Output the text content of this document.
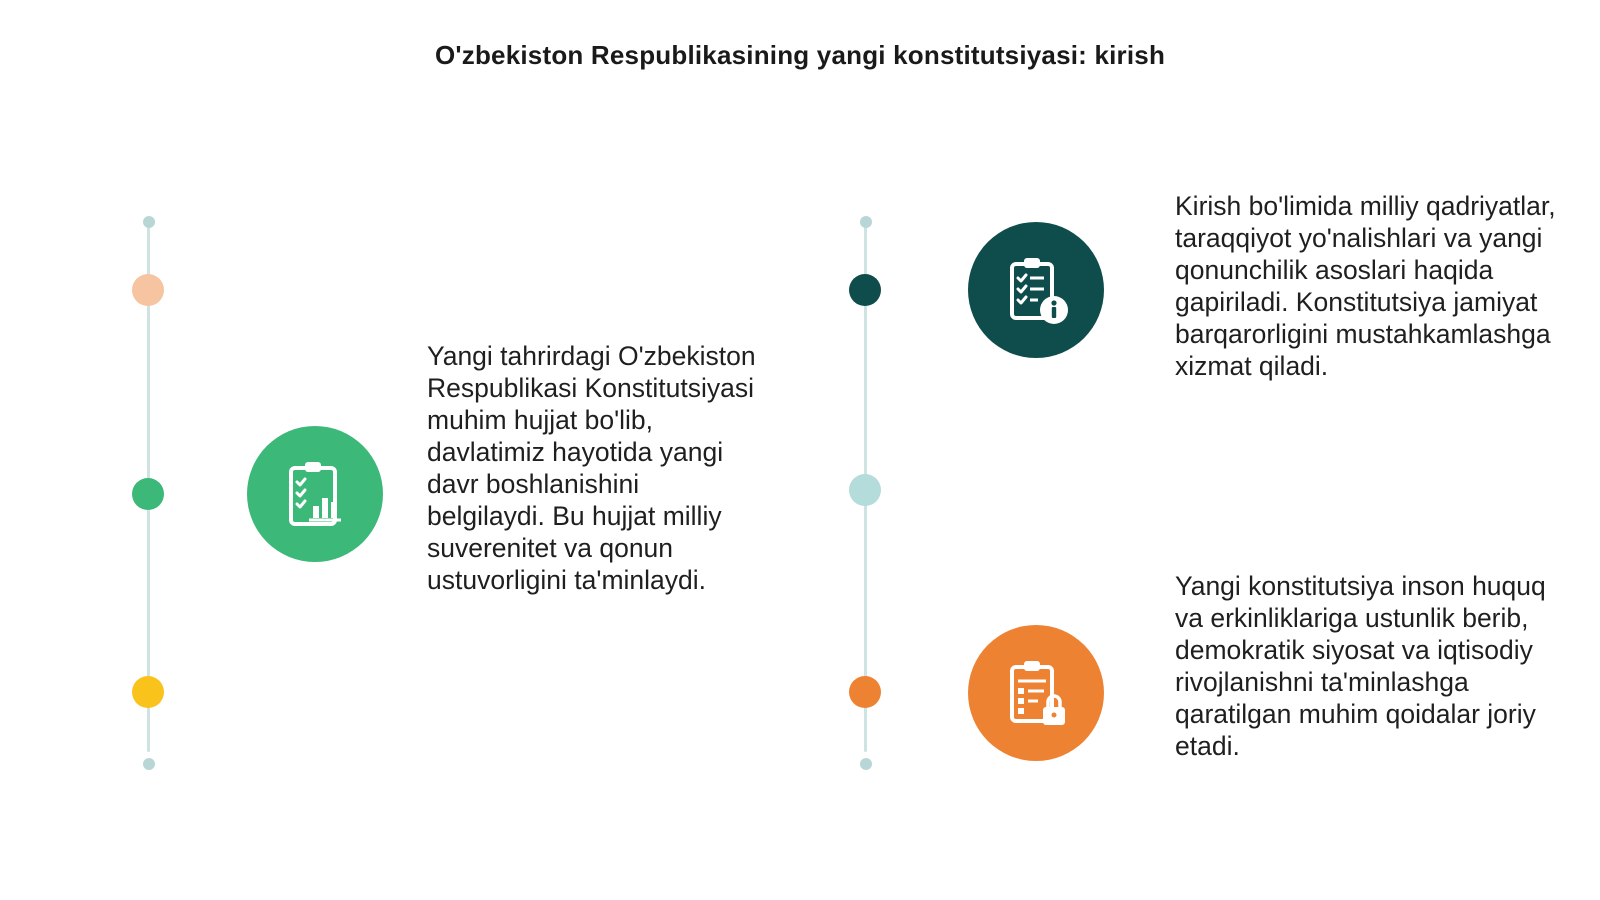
O'zbekiston Respublikasining yangi konstitutsiyasi: kirish

Yangi tahrirdagi O'zbekiston Respublikasi Konstitutsiyasi muhim hujjat bo'lib, davlatimiz hayotida yangi davr boshlanishini belgilaydi. Bu hujjat milliy suverenitet va qonun ustuvorligini ta'minlaydi.

Kirish bo'limida milliy qadriyatlar, taraqqiyot yo'nalishlari va yangi qonunchilik asoslari haqida gapiriladi. Konstitutsiya jamiyat barqarorligini mustahkamlashga xizmat qiladi.

Yangi konstitutsiya inson huquq va erkinliklariga ustunlik berib, demokratik siyosat va iqtisodiy rivojlanishni ta'minlashga qaratilgan muhim qoidalar joriy etadi.
